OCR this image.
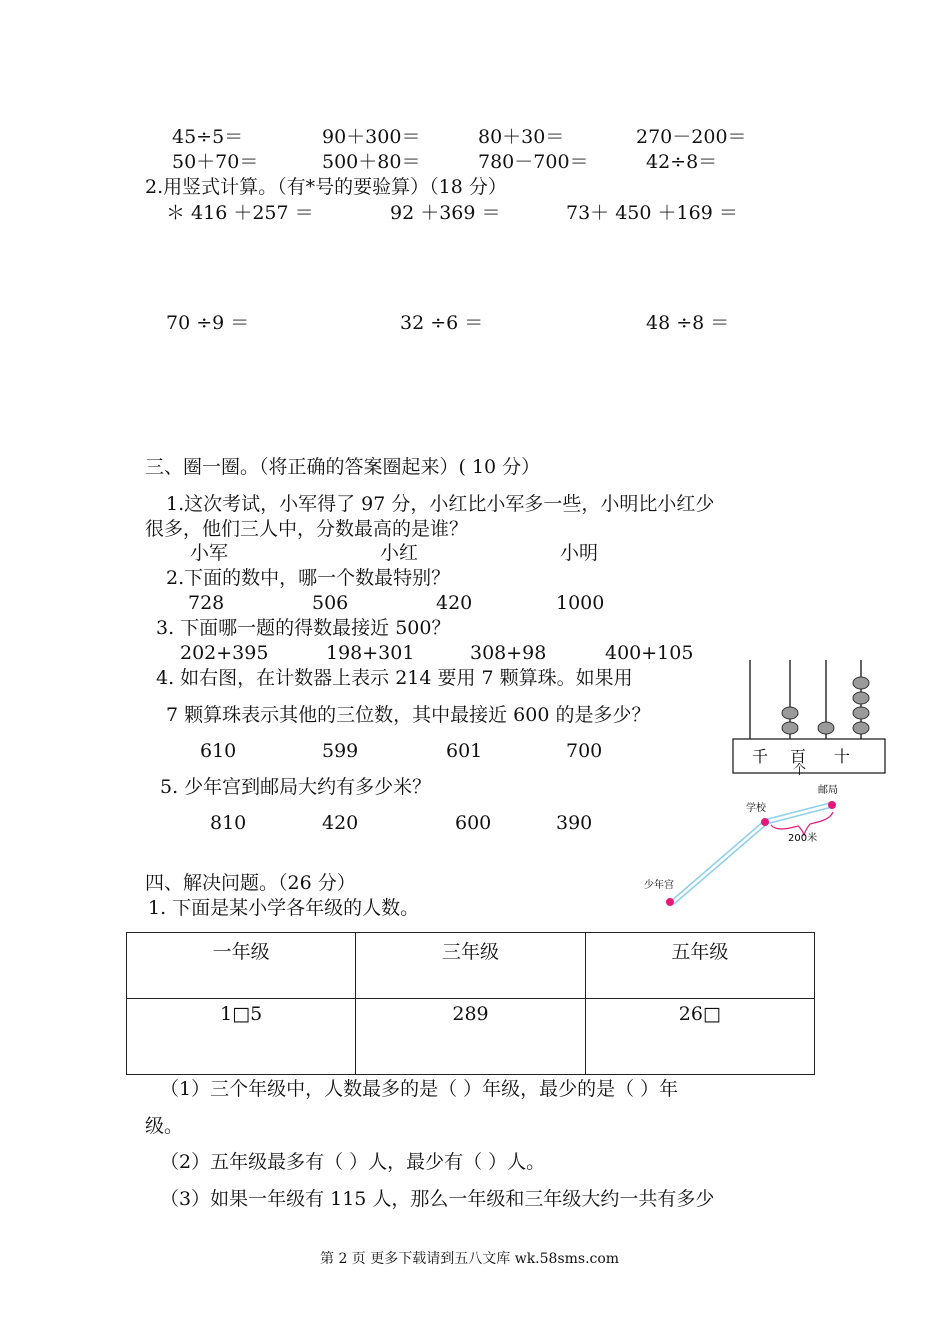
45÷5＝	90＋300＝	80＋30＝	270－200＝
50＋70＝	500＋80＝	780－700＝	42÷8＝
2.用竖式计算。（有*号的要验算）（18 分）
＊ 416 ＋257 ＝	92 ＋369 ＝	73＋ 450 ＋169 ＝
70 ÷9 ＝	32 ÷6 ＝	48 ÷8 ＝
三、圈一圈。（将正确的答案圈起来）( 10 分）
1.这次考试，小军得了 97 分，小红比小军多一些，小明比小红少
很多，他们三人中，分数最高的是谁？
小军	小红	小明
2.下面的数中，哪一个数最特别？
728	506	420	1000
3. 下面哪一题的得数最接近 500？
202+395	198+301	308+98	400+105
4. 如右图，在计数器上表示 214 要用 7 颗算珠。如果用
7 颗算珠表示其他的三位数，其中最接近 600 的是多少？
610	599	601	700
5. 少年宫到邮局大约有多少米？
810	420	600	390
千 百 十
个
学校
邮局
少年宫
200米
四、解决问题。（26 分）
1. 下面是某小学各年级的人数。
一年级	三年级	五年级
1□5	289	26□
（1）三个年级中，人数最多的是（ ）年级，最少的是（ ）年
级。
（2）五年级最多有（ ）人，最少有（ ）人。
（3）如果一年级有 115 人，那么一年级和三年级大约一共有多少
第 2 页 更多下载请到五八文库 wk.58sms.com
